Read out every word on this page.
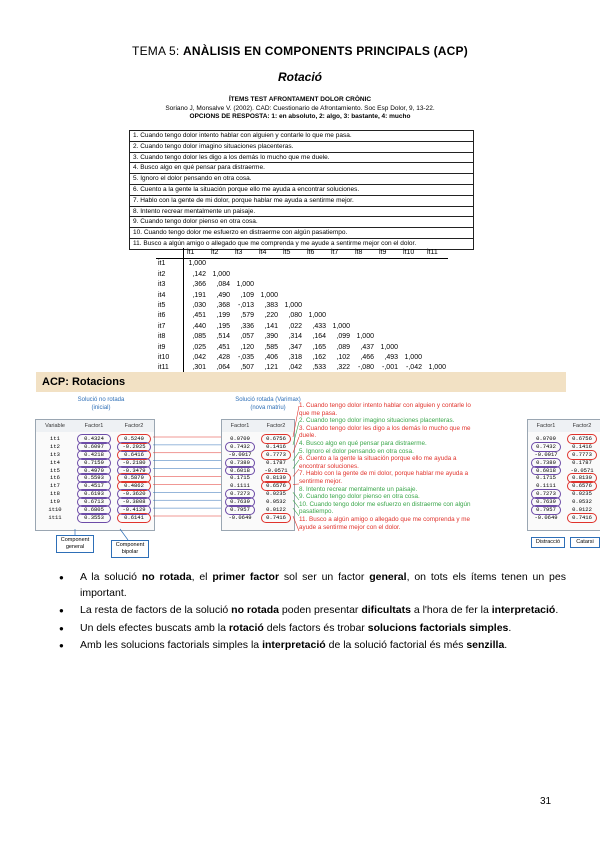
TEMA 5: ANÀLISIS EN COMPONENTS PRINCIPALS (ACP)
Rotació
ÍTEMS TEST AFRONTAMENT DOLOR CRÒNIC
Soriano J, Monsalve V. (2002). CAD: Cuestionario de Afrontamiento. Soc Esp Dolor, 9, 13-22.
OPCIONS DE RESPOSTA: 1: en absoluto, 2: algo, 3: bastante, 4: mucho
1. Cuando tengo dolor intento hablar con alguien y contarle lo que me pasa.
2. Cuando tengo dolor imagino situaciones placenteras.
3. Cuando tengo dolor les digo a los demás lo mucho que me duele.
4. Busco algo en qué pensar para distraerme.
5. Ignoro el dolor pensando en otra cosa.
6. Cuento a la gente la situación porque ello me ayuda a encontrar soluciones.
7. Hablo con la gente de mi dolor, porque hablar me ayuda a sentirme mejor.
8. Intento recrear mentalmente un paisaje.
9. Cuando tengo dolor pienso en otra cosa.
10. Cuando tengo dolor me esfuerzo en distraerme con algún pasatiempo.
11. Busco a algún amigo o allegado que me comprenda y me ayude a sentirme mejor con el dolor.
	it1	it2	it3	it4	it5	it6	it7	it8	it9	it10	it11
it1	1,000										
it2	,142	1,000									
it3	,366	,084	1,000								
it4	,191	,490	,109	1,000							
it5	,030	,368	-,013	,383	1,000						
it6	,451	,199	,579	,220	,080	1,000					
it7	,440	,195	,336	,141	,022	,433	1,000				
it8	,085	,514	,057	,390	,314	,164	,099	1,000			
it9	,025	,451	,120	,585	,347	,165	,089	,437	1,000		
it10	,042	,428	-,035	,406	,318	,162	,102	,466	,493	1,000	
it11	,301	,064	,507	,121	,042	,533	,322	-,080	-,001	-,042	1,000
ACP: Rotacions
Solució no rotada
(inicial)
Variable	Factor1	Factor2
it1	0.4324	0.5240
it2	0.6097	-0.2925
it3	0.4218	0.6416
it4	0.7159	-0.2180
it5	0.4970	-0.3479
it6	0.5593	0.5870
it7	0.4517	0.4862
it8	0.6193	-0.3620
it9	0.6713	-0.3808
it10	0.6805	-0.4129
it11	0.3553	0.6141
Component general	Component bipolar
Solució rotada (Varimax)
(nova matriu)
Factor1	Factor2
0.0709	0.6756
0.7432	0.1416
-0.0017	0.7773
0.7380	0.1787
0.6018	-0.0571
0.1715	0.8130
0.1111	0.6576
0.7273	0.0235
0.7639	0.0532
0.7957	0.0122
-0.0649	0.7416
1. Cuando tengo dolor intento hablar con alguien y contarle lo que me pasa.
2. Cuando tengo dolor imagino situaciones placenteras.
3. Cuando tengo dolor les digo a los demás lo mucho que me duele.
4. Busco algo en qué pensar para distraerme.
5. Ignoro el dolor pensando en otra cosa.
6. Cuento a la gente la situación porque ello me ayuda a encontrar soluciones.
7. Hablo con la gente de mi dolor, porque hablar me ayuda a sentirme mejor.
8. Intento recrear mentalmente un paisaje.
9. Cuando tengo dolor pienso en otra cosa.
10. Cuando tengo dolor me esfuerzo en distraerme con algún pasatiempo.
11. Busco a algún amigo o allegado que me comprenda y me ayude a sentirme mejor con el dolor.
Factor1	Factor2
0.0709	0.6756
0.7432	0.1416
-0.0017	0.7773
0.7380	0.1787
0.6018	-0.0571
0.1715	0.8130
0.1111	0.6576
0.7273	0.0235
0.7639	0.0532
0.7957	0.0122
-0.0649	0.7416
Distracció	Catarsi
● A la solució no rotada, el primer factor sol ser un factor general, on tots els ítems tenen un pes important.
● La resta de factors de la solució no rotada poden presentar dificultats a l'hora de fer la interpretació.
● Un dels efectes buscats amb la rotació dels factors és trobar solucions factorials simples.
● Amb les solucions factorials simples la interpretació de la solució factorial és més senzilla.
31
